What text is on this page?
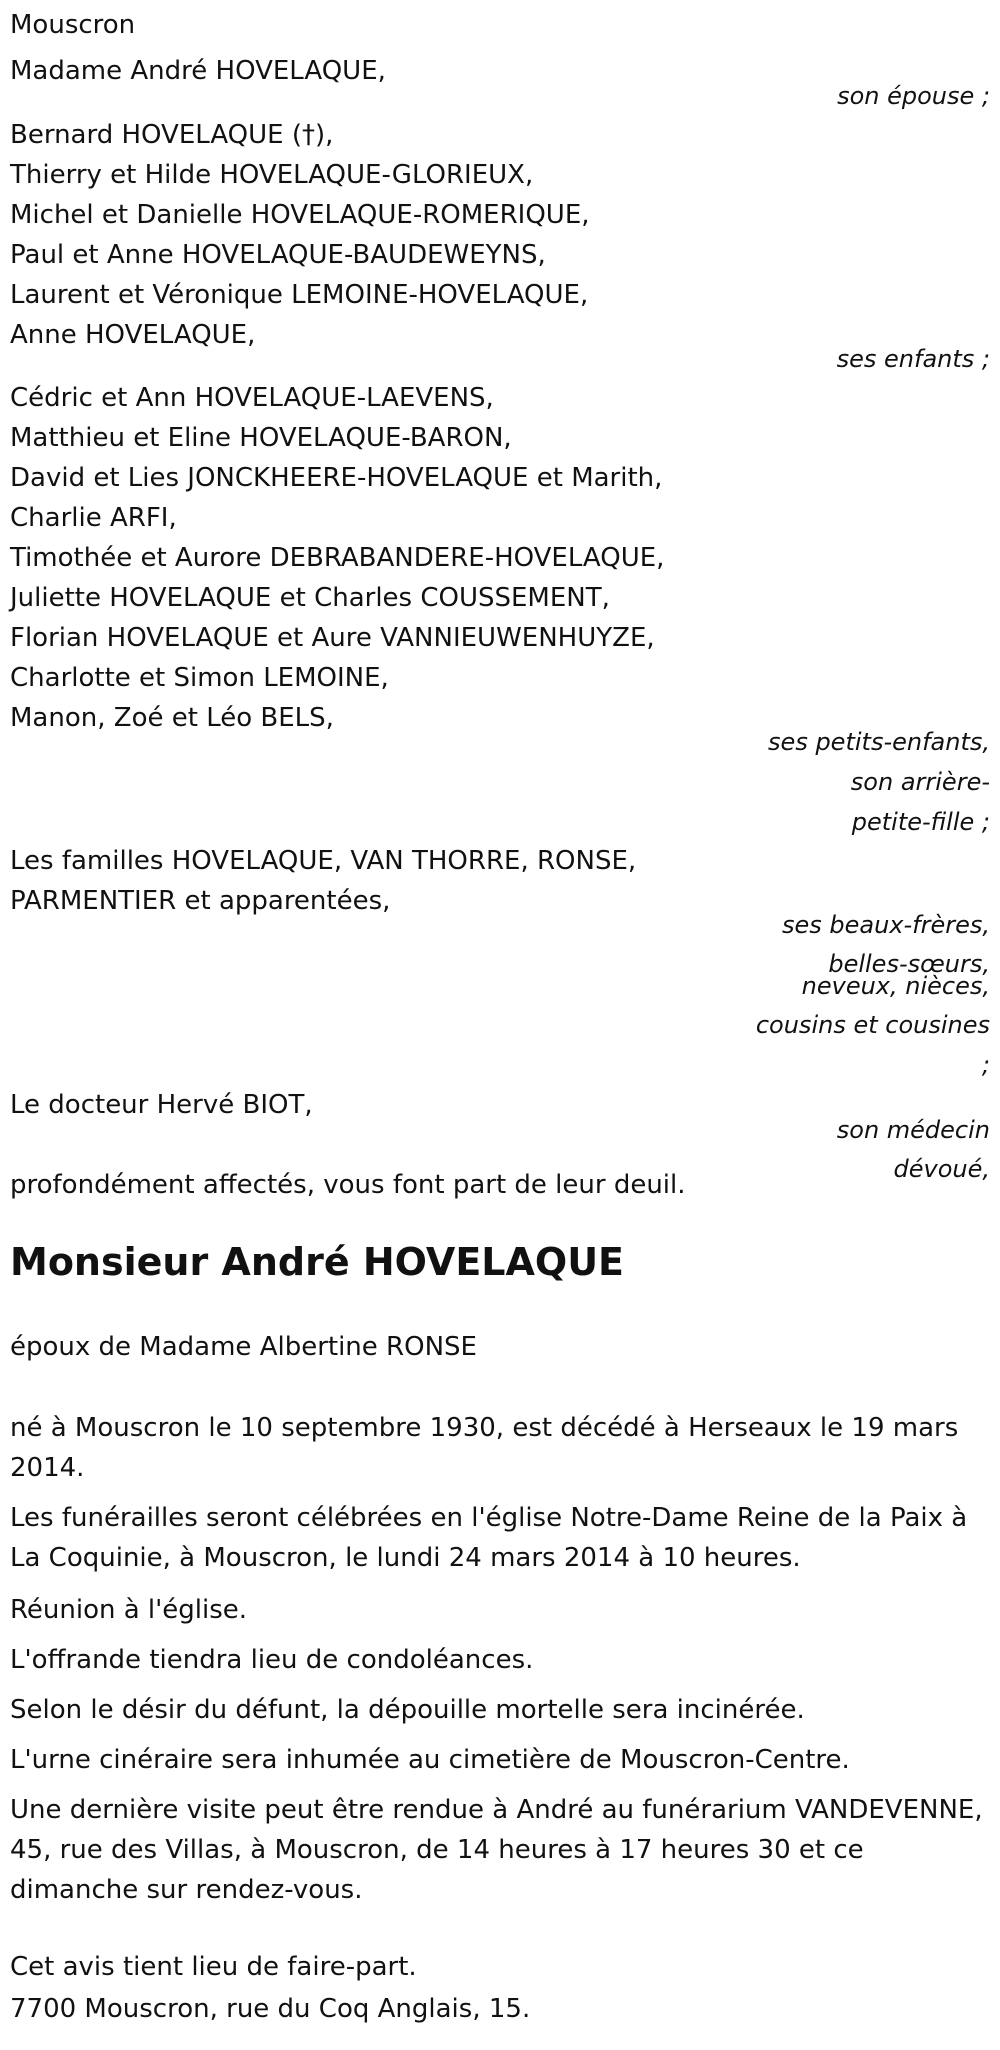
Mouscron
Madame André HOVELAQUE,
son épouse ;
Bernard HOVELAQUE (†),
Thierry et Hilde HOVELAQUE-GLORIEUX,
Michel et Danielle HOVELAQUE-ROMERIQUE,
Paul et Anne HOVELAQUE-BAUDEWEYNS,
Laurent et Véronique LEMOINE-HOVELAQUE,
Anne HOVELAQUE,
ses enfants ;
Cédric et Ann HOVELAQUE-LAEVENS,
Matthieu et Eline HOVELAQUE-BARON,
David et Lies JONCKHEERE-HOVELAQUE et Marith,
Charlie ARFI,
Timothée et Aurore DEBRABANDERE-HOVELAQUE,
Juliette HOVELAQUE et Charles COUSSEMENT,
Florian HOVELAQUE et Aure VANNIEUWENHUYZE,
Charlotte et Simon LEMOINE,
Manon, Zoé et Léo BELS,
ses petits-enfants,
son arrière-
petite-fille ;
Les familles HOVELAQUE, VAN THORRE, RONSE,
PARMENTIER et apparentées,
ses beaux-frères,
belles-sœurs,
neveux, nièces,
cousins et cousines
;
Le docteur Hervé BIOT,
son médecin
dévoué,
profondément affectés, vous font part de leur deuil.
Monsieur André HOVELAQUE
époux de Madame Albertine RONSE
né à Mouscron le 10 septembre 1930, est décédé à Herseaux le 19 mars 2014.
Les funérailles seront célébrées en l'église Notre-Dame Reine de la Paix à La Coquinie, à Mouscron, le lundi 24 mars 2014 à 10 heures.
Réunion à l'église.
L'offrande tiendra lieu de condoléances.
Selon le désir du défunt, la dépouille mortelle sera incinérée.
L'urne cinéraire sera inhumée au cimetière de Mouscron-Centre.
Une dernière visite peut être rendue à André au funérarium VANDEVENNE, 45, rue des Villas, à Mouscron, de 14 heures à 17 heures 30 et ce dimanche sur rendez-vous.
Cet avis tient lieu de faire-part.
7700 Mouscron, rue du Coq Anglais, 15.
